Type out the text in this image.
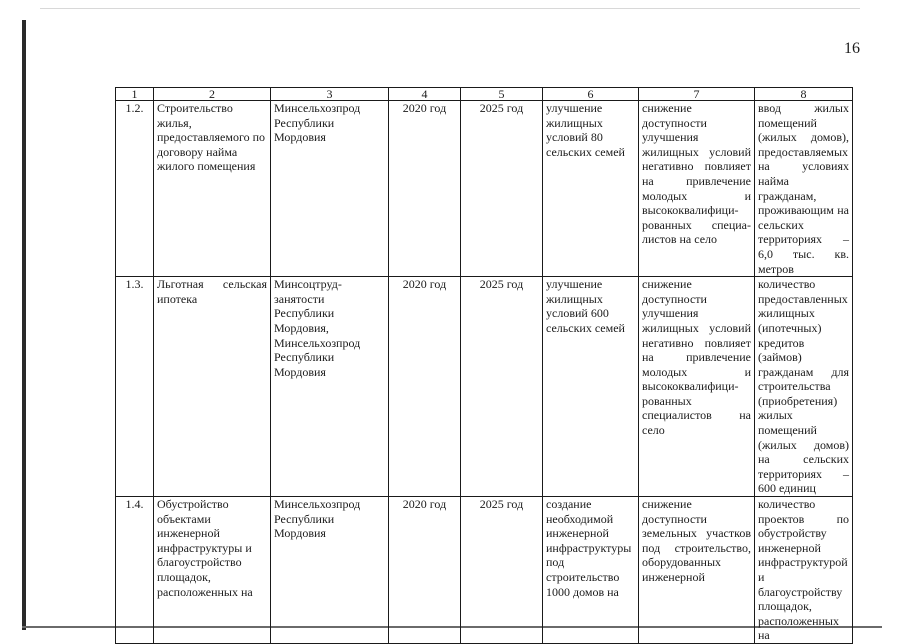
16
1	2	3	4	5	6	7	8
1.2.	Строительство жилья, предоставляемого по договору найма жилого помещения	Минсельхозпрод Республики Мордовия	2020 год	2025 год	улучшение жилищных условий 80 сельских семей	снижение доступности улучшения жилищных условий негативно повлияет на привлечение молодых и высококвалифицированных специалистов на село	ввод жилых помещений (жилых домов), предоставляемых на условиях найма гражданам, проживающим на сельских территориях – 6,0 тыс. кв. метров
1.3.	Льготная сельская ипотека	Минсоцтрудзанятости Республики Мордовия, Минсельхозпрод Республики Мордовия	2020 год	2025 год	улучшение жилищных условий 600 сельских семей	снижение доступности улучшения жилищных условий негативно повлияет на привлечение молодых и высококвалифицированных специалистов на село	количество предоставленных жилищных (ипотечных) кредитов (займов) гражданам для строительства (приобретения) жилых помещений (жилых домов) на сельских территориях – 600 единиц
1.4.	Обустройство объектами инженерной инфраструктуры и благоустройство площадок, расположенных на	Минсельхозпрод Республики Мордовия	2020 год	2025 год	создание необходимой инженерной инфраструктуры под строительство 1000 домов на	снижение доступности земельных участков под строительство, оборудованных инженерной	количество проектов по обустройству инженерной инфраструктурой и благоустройству площадок, расположенных на
